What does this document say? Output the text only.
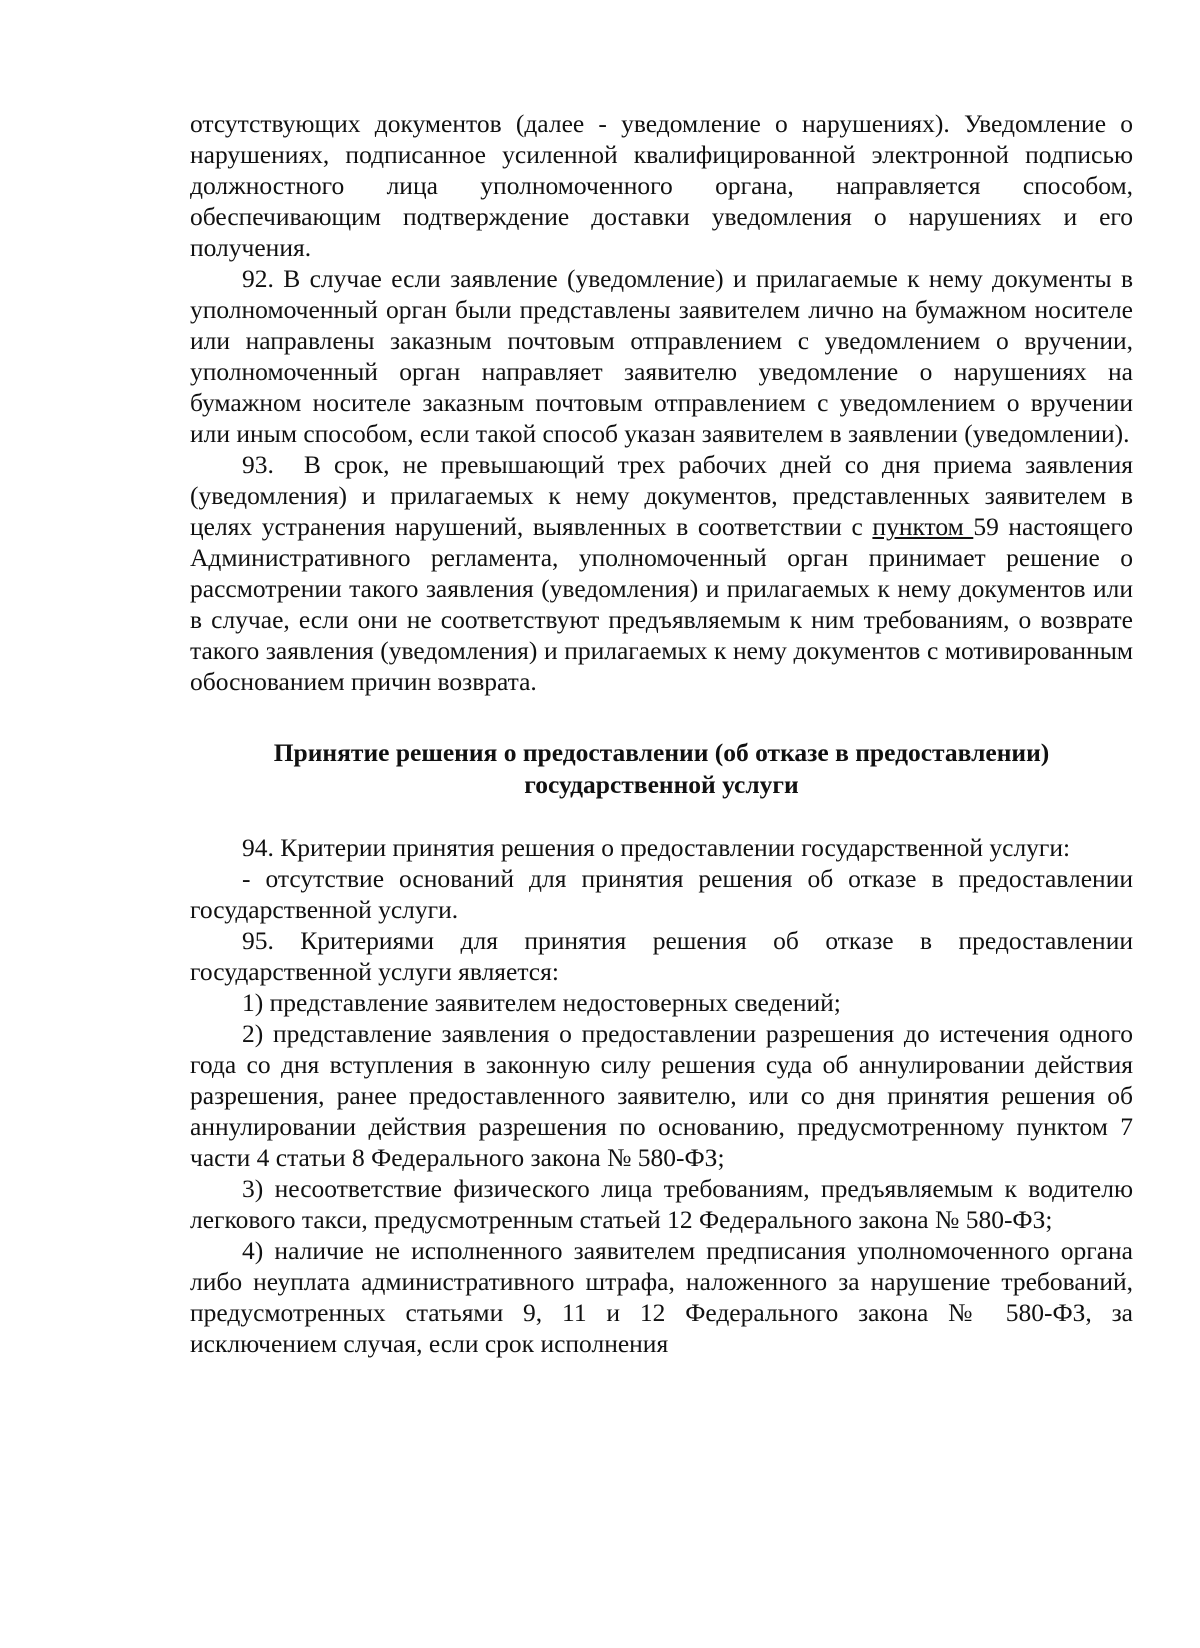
отсутствующих документов (далее - уведомление о нарушениях). Уведомление о нарушениях, подписанное усиленной квалифицированной электронной подписью должностного лица уполномоченного органа, направляется способом, обеспечивающим подтверждение доставки уведомления о нарушениях и его получения.

92. В случае если заявление (уведомление) и прилагаемые к нему документы в уполномоченный орган были представлены заявителем лично на бумажном носителе или направлены заказным почтовым отправлением с уведомлением о вручении, уполномоченный орган направляет заявителю уведомление о нарушениях на бумажном носителе заказным почтовым отправлением с уведомлением о вручении или иным способом, если такой способ указан заявителем в заявлении (уведомлении).

93. В срок, не превышающий трех рабочих дней со дня приема заявления (уведомления) и прилагаемых к нему документов, представленных заявителем в целях устранения нарушений, выявленных в соответствии с пунктом 59 настоящего Административного регламента, уполномоченный орган принимает решение о рассмотрении такого заявления (уведомления) и прилагаемых к нему документов или в случае, если они не соответствуют предъявляемым к ним требованиям, о возврате такого заявления (уведомления) и прилагаемых к нему документов с мотивированным обоснованием причин возврата.

Принятие решения о предоставлении (об отказе в предоставлении)
государственной услуги

94. Критерии принятия решения о предоставлении государственной услуги:

- отсутствие оснований для принятия решения об отказе в предоставлении государственной услуги.

95. Критериями для принятия решения об отказе в предоставлении государственной услуги является:

1) представление заявителем недостоверных сведений;

2) представление заявления о предоставлении разрешения до истечения одного года со дня вступления в законную силу решения суда об аннулировании действия разрешения, ранее предоставленного заявителю, или со дня принятия решения об аннулировании действия разрешения по основанию, предусмотренному пунктом 7 части 4 статьи 8 Федерального закона № 580-ФЗ;

3) несоответствие физического лица требованиям, предъявляемым к водителю легкового такси, предусмотренным статьей 12 Федерального закона № 580-ФЗ;

4) наличие не исполненного заявителем предписания уполномоченного органа либо неуплата административного штрафа, наложенного за нарушение требований, предусмотренных статьями 9, 11 и 12 Федерального закона № 580-ФЗ, за исключением случая, если срок исполнения
